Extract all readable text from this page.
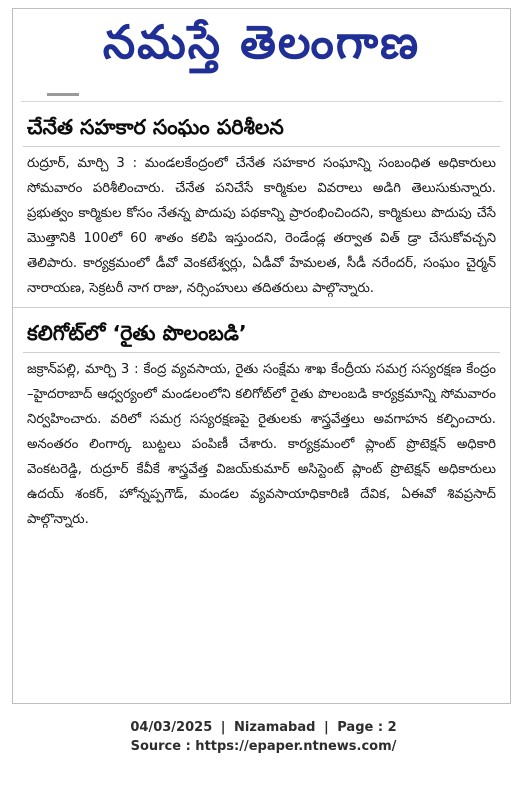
నమస్తే తెలంగాణ
చేనేత సహకార సంఘం పరిశీలన

రుద్రూర్, మార్చి 3 : మండలకేంద్రంలో చేనేత సహకార సంఘాన్ని సంబంధిత అధికారులు సోమవారం పరిశీలించారు. చేనేత పనిచేసే కార్మికుల వివరాలు అడిగి తెలుసుకున్నారు. ప్రభుత్వం కార్మికుల కోసం నేతన్న పొదుపు పథకాన్ని ప్రారంభించిందని, కార్మికులు పొదుపు చేసే మొత్తానికి 100లో 60 శాతం కలిపి ఇస్తుందని, రెండేండ్ల తర్వాత విత్ డ్రా చేసుకోవచ్చని తెలిపారు. కార్యక్రమంలో డీవో వెంకటేశ్వర్లు, ఏడీవో హేమలత, సీడీ నరేందర్, సంఘం చైర్మన్ నారాయణ, సెక్రటరీ నాగ రాజు, నర్సింహులు తదితరులు పాల్గొన్నారు.

కలిగోట్‌లో ‘రైతు పొలంబడి’

జక్రాన్‌పల్లి, మార్చి 3 : కేంద్ర వ్యవసాయ, రైతు సంక్షేమ శాఖ కేంద్రీయ సమగ్ర సస్యరక్షణ కేంద్రం –హైదరాబాద్ ఆధ్వర్యంలో మండలంలోని కలిగోట్‌లో రైతు పొలంబడి కార్యక్రమాన్ని సోమవారం నిర్వహించారు. వరిలో సమగ్ర సస్యరక్షణపై రైతులకు శాస్త్రవేత్తలు అవగాహన కల్పించారు. అనంతరం లింగార్క బుట్టలు పంపిణీ చేశారు. కార్యక్రమంలో ప్లాంట్ ప్రొటెక్షన్ అధికారి వెంకటరెడ్డి, రుద్రూర్ కేవీకే శాస్త్రవేత్త విజయ్‌కుమార్ అసిస్టెంట్ ప్లాంట్ ప్రొటెక్షన్ అధికారులు ఉదయ్ శంకర్, హోన్నప్పగౌడ్, మండల వ్యవసాయాధికారిణి దేవిక, ఏఈవో శివప్రసాద్ పాల్గొన్నారు.

04/03/2025 | Nizamabad | Page : 2
Source : https://epaper.ntnews.com/
